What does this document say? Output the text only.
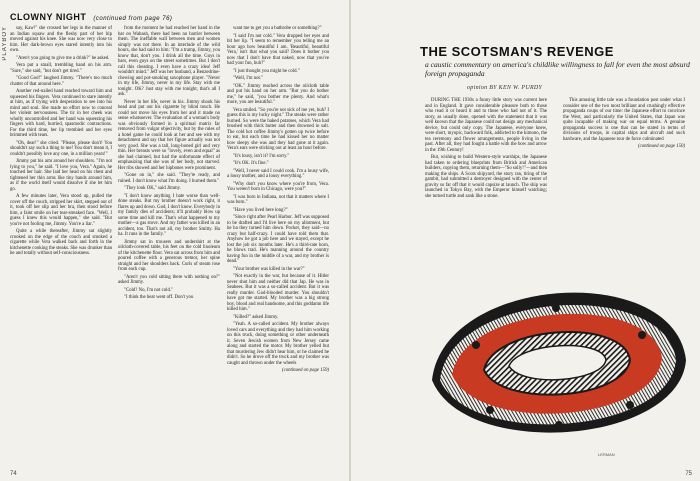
PLAYBOY
CLOWNY NIGHT (continued from page 76)

say, Kaw!" she crossed her legs in the manner of an Indian squaw and the fleshy part of her hip moved against his knee. She was now very close to him. Her dark-brown eyes stared intently into his own.

"Aren't you going to give me a drink?" he asked.

Vera put a small, trembling hand on his arm. "Sure," she said, "but don't get tired."

"Good God!" laughed Jimmy. "There's too much chatter of that around here."

Another red-nailed hand reached toward him and squeezed his fingers. Vera continued to stare intently at him, as if trying with desperation to see into his mind and soul. She made no effort now to conceal her violent nervousness. The tic in her cheek was wholly uncontrolled and her hand was squeezing his fingers with hard, hurried, spasmodic contractions. For the third time, her lip trembled and her eyes brimmed with tears.

"Oh, dear!" she cried. "Please, please don't! You shouldn't say such a thing to me! You don't mean it, I couldn't possibly love any one, in a million years!"

Jimmy put his arm around her shoulders. "I'm not lying to you," he said. "I love you, Vera." Again, he touched her hair. She laid her head on his chest and tightened her thin arms like tiny bands around him, as if the world itself would dissolve if she let him go.

A few minutes later, Vera stood up, pulled the cover off the couch, stripped her skirt, stepped out of it, took off her slip and her bra, then stood before him, a faint smile on her tear-streaked face. "Well, I guess I knew this would happen," she said. "But you're not fooling me, Jimmy. You're a liar."

Quite a while thereafter, Jimmy sat slightly crooked on the edge of the couch and smoked a cigarette while Vera walked back and forth in the kitchenette cooking the steaks. She was drunker than he and totally without self-consciousness.

from the moment he had reached her hand in the bar on Wabash, there had been no barrier between them. The ineffable wall between men and women simply was not there. In an interlude of the wild hours, she had said to him: "I'm a tramp, Jimmy, you know that, don't you. I drink all the time. Guys in bars, even guys on the street sometimes. But I don't call this cheating. I even have a crazy idea! Jeff wouldn't mind." Jeff was her husband, a Benzedrine-chewing and pot-smoking saxophone player. "Never in my life, Jimmy, never in my life. Stay with me tonight. OK? Just stay with me tonight, that's all I ask."

Never in her life, never in his. Jimmy shook his head and put out his cigarette by blind touch. He could not move his eyes from her and it made no sense whatsoever. The evaluation of a woman's body was obviously formed in a spiritual matrix far removed from vulgar objectivity, but by the rules of a hotel game he could look at her and see with my detachment and say that her figure actually was not very good. She was a tall, long-boned girl and very thin. Her breasts were so "lovely, even and equal" as she had claimed, but had the unfortunate effect of emphasizing that she was of her body, not starved. Her ribs showed and her hipbones were prominent.

"Gone on in," she said. "They're ready, and ruined. I don't know what I'm doing. I burned them."

"They look OK," said Jimmy.

"I don't know anything I hate worse than well-done steaks. But my brother doesn't work right, it flares up and down. God, I don't know. Everybody in my family dies of accidents; it'll probably blow up some time and kill me. That's what happened to my mother—a gas stove. And my father was killed in an accident, too. That's not all, my brother Smitty. Ha ha. It runs in the family."

Jimmy sat in trousers and undershirt at the oilcloth-covered table, his feet on the cold linoleum of the kitchenette floor. Vera sat across from him and poured coffee with a generous tremor, her spine straight and her shoulders back. Curls of steam rose from each cup.

"Aren't you cold sitting there with nothing on?" asked Jimmy.

"Cold? No, I'm not cold."

"I think the heat went off. Don't you

want me to get you a bathrobe or something?"

"I said I'm not cold." Vera dropped her eyes and bit her lip. "I seem to remember you telling me an hour ago how beautiful I am. 'Beautiful, beautiful Vera,' isn't that what you said? Does it bother you now that I don't have that naked, now that you've had your fun, huh?"

"I just thought you might be cold."

"Well, I'm not."

"OK." Jimmy reached across the oilcloth table and put his hand on her arm. "But you do bother me," he said, "you bother me plenty. And what's more, you are beautiful."

Vera smiled. "So you're not sick of me yet, huh? I guess this is my lucky night." The steaks were rather burned. So were the baked potatoes, which Vera had brushed with thick butter and then drowned in salt. The cold hot coffee Jimmy's gotten up twice before to eat, but each time he had kissed her no matter how sleepy she was and they had gone at it again. Vera's ears were sticking out at least an hour before.

"It's lousy, isn't it? I'm sorry."

"It's OK. It's fine."

"Well, I never said I could cook. I'm a lousy wife, a lousy mother, and a lousy everything."

"Why don't you know where you're from, Vera. You weren't born in Chicago, were you?"

"I was born in Indiana, not that it matters where I was born."

"Have you lived here long?"

"Since right after Pearl Harbor. Jeff was supposed to be drafted and I'd live here on my allotment, but he ha they turned him down. Pocket, they said—no crazy but half-crazy. I could have told them that. Anyhow he got a job here and we stayed, except he lost the job six months later. He's a third-rate horn, he blows trad. He's manning around the country having fun in the middle of a war, and my brother is dead."

"Your brother was killed in the war?"

"Not exactly in the war, but because of it. Hitler never shot him and neither did that Jap. He was in Seabees. But it was a so-called accident. But it was really murder. God-blooded murder. You shouldn't have got me started. My brother was a big strong boy, blood and real handsome, and this goddamn life killed him."

"Killed?" asked Jimmy.

"Yeah. A so-called accident. My brother always loved cars and everything and they had him working on this truck, doing something or other underneath it. Seven Jewish women from New Jersey came along and started the motor. My brother yelled but that murdering Jew didn't hear him, or he claimed he didn't. So he drove off the truck and my brother was caught and thrown under the wheels

(continued on page 159)

74
THE SCOTSMAN'S REVENGE
a caustic commentary on america's childlike willingness to fall for even the most absurd foreign propaganda
opinion BY KEN W. PURDY

DURING THE 1930s a funny little story was current here and in England. It gave considerable pleasure both to those who read it or heard it and to those who had not of it. The story, as usually done, opened with the statement that it was well known that the Japanese could not design any mechanical device, but could only copy. The Japanese, everyone knew, were short, myopic, backward folk, addicted to the kimono, the tea ceremony and flower arrangements, people living in the past. After all, they had fought a battle with the bow and arrow in the 19th Century!

But, wishing to build Western-style warships, the Japanese had taken to ordering blueprints from British and American builders, copying them, returning them—"So solly!"—and then making the ships. A Scots shipyard, the story ran, tiring of the gambit, had submitted a destroyer designed with the center of gravity so far off that it would capsize at launch. The ship was launched in Tokyo Bay, with the Emperor himself watching; she turned turtle and sank like a stone.

This amusing little tale was a foundation post under what I consider one of the two most brilliant and crushingly effective propaganda coups of our time: the Japanese effort to convince the West, and particularly the United States, that Japan was quite incapable of making war on equal terms. A genuine propaganda success is one that can be stated in terms of divisions of troops, in capital ships and aircraft and such hardware, and the Japanese tour de force culminated

(continued on page 150)

LERMAN
75
